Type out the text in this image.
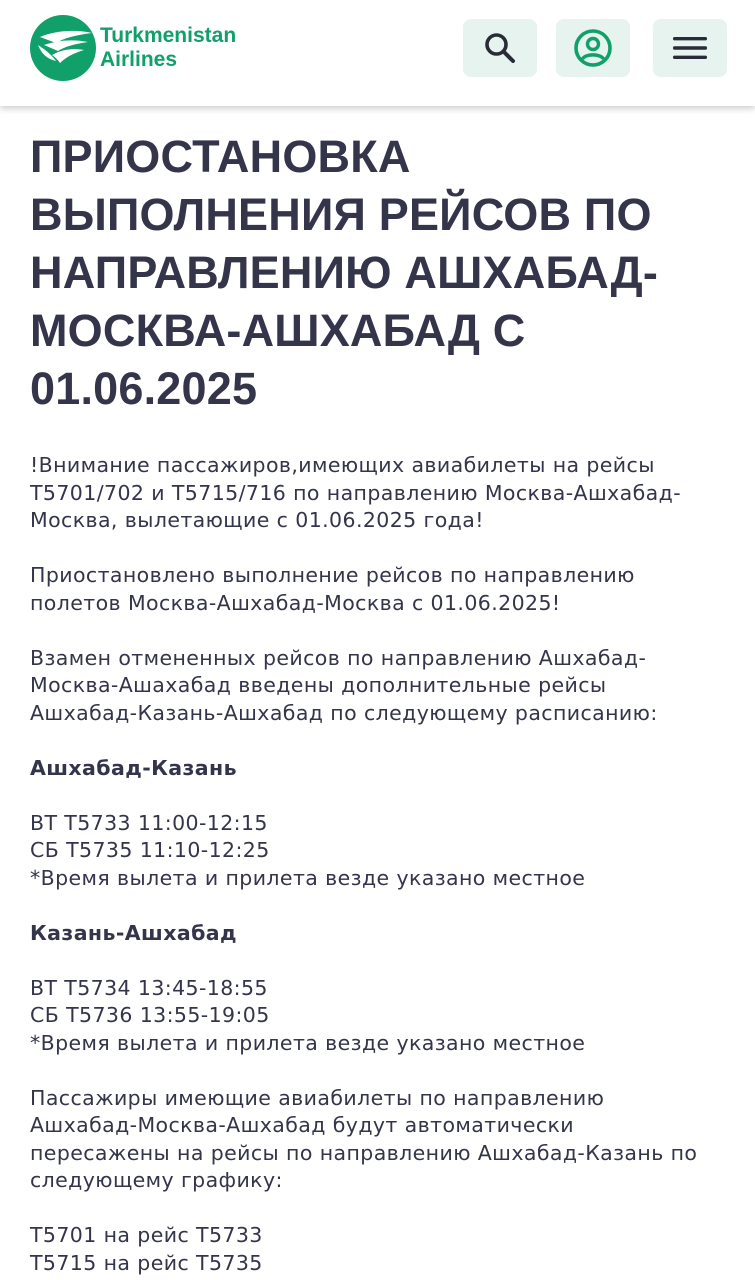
Turkmenistan
Airlines
ПРИОСТАНОВКА ВЫПОЛНЕНИЯ РЕЙСОВ ПО НАПРАВЛЕНИЮ АШХАБАД-МОСКВА-АШХАБАД С 01.06.2025

!Внимание пассажиров,имеющих авиабилеты на рейсы
Т5701/702 и Т5715/716 по направлению Москва-Ашхабад-
Москва, вылетающие с 01.06.2025 года!

Приостановлено выполнение рейсов по направлению
полетов Москва-Ашхабад-Москва с 01.06.2025!

Взамен отмененных рейсов по направлению Ашхабад-
Москва-Ашахабад введены дополнительные рейсы
Ашхабад-Казань-Ашхабад по следующему расписанию:

Ашхабад-Казань

ВТ Т5733 11:00-12:15
СБ Т5735 11:10-12:25
*Время вылета и прилета везде указано местное

Казань-Ашхабад

ВТ Т5734 13:45-18:55
СБ Т5736 13:55-19:05
*Время вылета и прилета везде указано местное

Пассажиры имеющие авиабилеты по направлению
Ашхабад-Москва-Ашхабад будут автоматически
пересажены на рейсы по направлению Ашхабад-Казань по
следующему графику:

Т5701 на рейс Т5733
Т5715 на рейс Т5735
